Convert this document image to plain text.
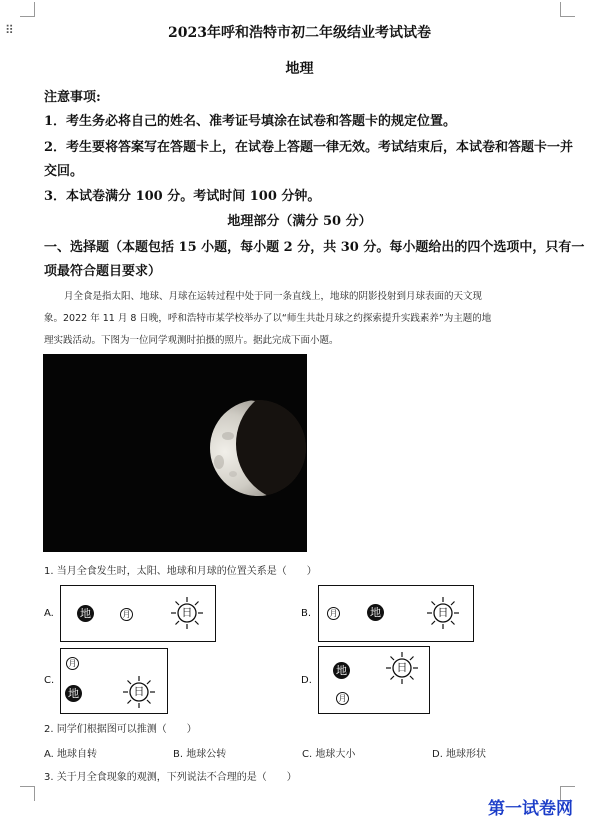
⠿	2023年呼和浩特市初二年级结业考试试卷
地理
注意事项:
1．考生务必将自己的姓名、准考证号填涂在试卷和答题卡的规定位置。
2．考生要将答案写在答题卡上，在试卷上答题一律无效。考试结束后，本试卷和答题卡一并
交回。
3．本试卷满分 100 分。考试时间 100 分钟。
地理部分（满分 50 分）
一、选择题（本题包括 15 小题，每小题 2 分，共 30 分。每小题给出的四个选项中，只有一
项最符合题目要求）
月全食是指太阳、地球、月球在运转过程中处于同一条直线上，地球的阴影投射到月球表面的天文现
象。2022 年 11 月 8 日晚，呼和浩特市某学校举办了以“师生共赴月球之约探索提升实践素养”为主题的地
理实践活动。下图为一位同学观测时拍摄的照片。据此完成下面小题。
1. 当月全食发生时，太阳、地球和月球的位置关系是（　　）
A. 地	月	日	B.	月	地	日
C.
月
地	日
D.
地
月
日
2. 同学们根据图可以推测（　　）
A. 地球自转	B. 地球公转	C. 地球大小	D. 地球形状
3. 关于月全食现象的观测，下列说法不合理的是（　　）
第一试卷网
